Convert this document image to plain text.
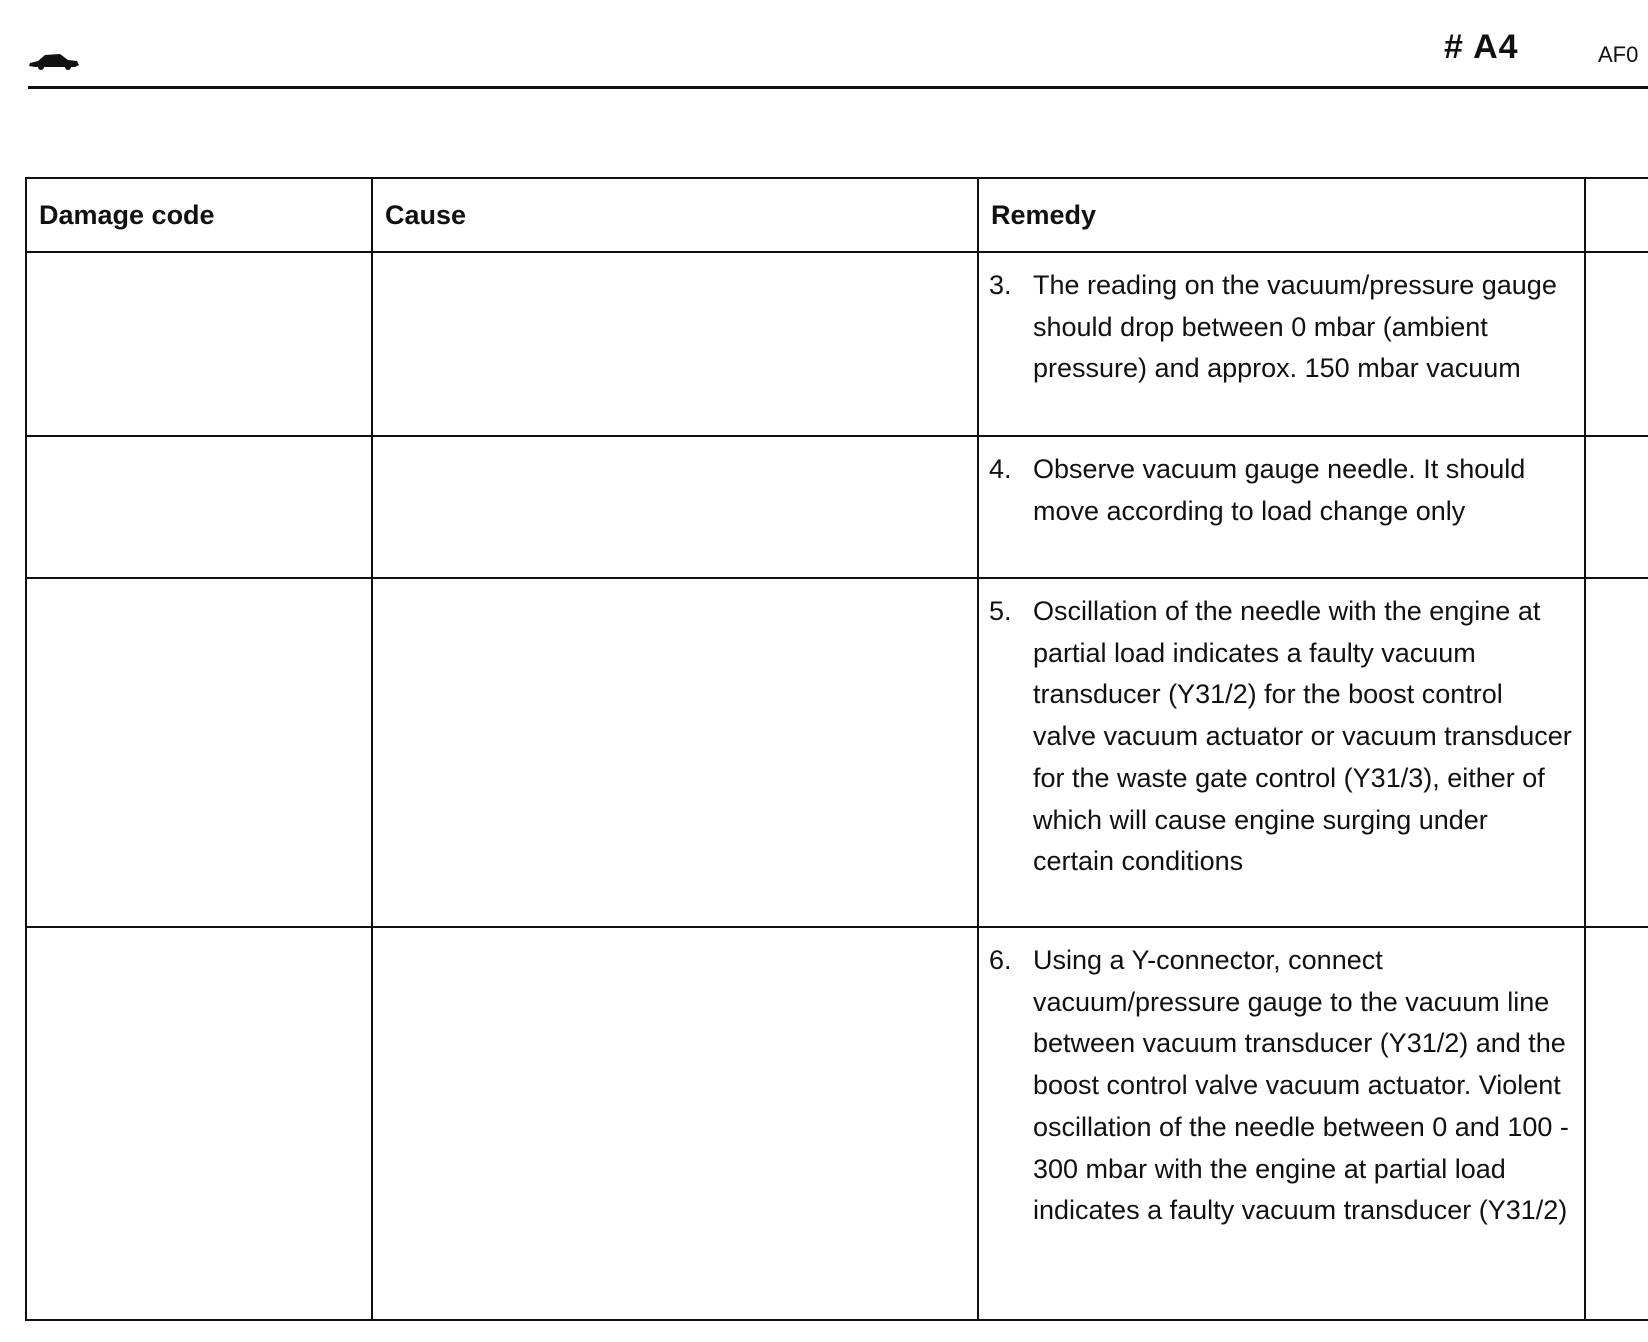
# A4	AF0
Damage code	Cause	Remedy	

		3. The reading on the vacuum/pressure gauge should drop between 0 mbar (ambient pressure) and approx. 150 mbar vacuum	

		4. Observe vacuum gauge needle. It should move according to load change only	

		5. Oscillation of the needle with the engine at partial load indicates a faulty vacuum transducer (Y31/2) for the boost control valve vacuum actuator or vacuum transducer for the waste gate control (Y31/3), either of which will cause engine surging under certain conditions	

		6. Using a Y-connector, connect vacuum/pressure gauge to the vacuum line between vacuum transducer (Y31/2) and the boost control valve vacuum actuator. Violent oscillation of the needle between 0 and 100 - 300 mbar with the engine at partial load indicates a faulty vacuum transducer (Y31/2)	
